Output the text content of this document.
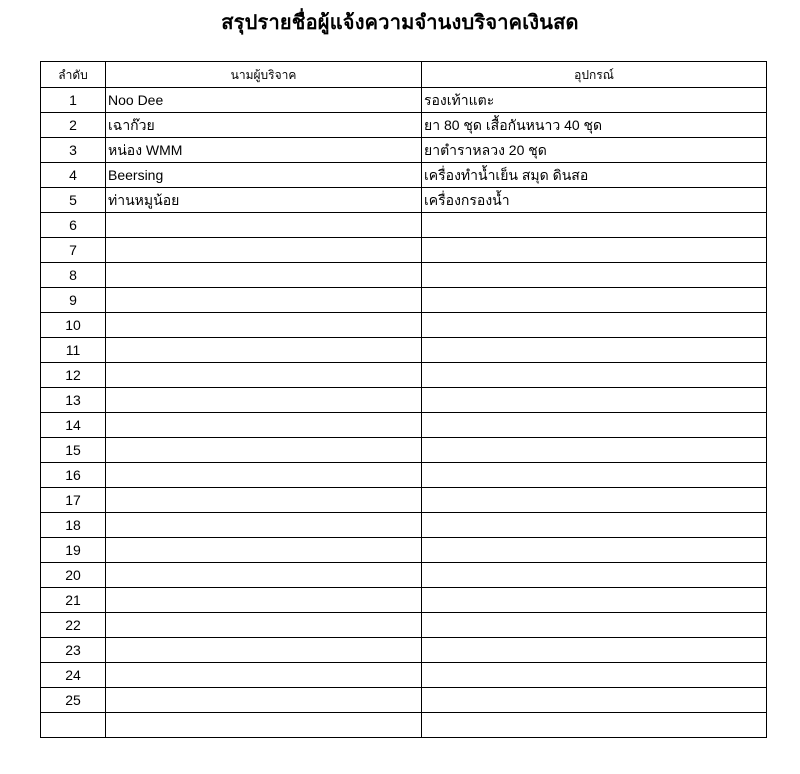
สรุปรายชื่อผู้แจ้งความจำนงบริจาคเงินสด
ลำดับ	นามผู้บริจาค	อุปกรณ์
1	Noo Dee	รองเท้าแตะ
2	เฉาก๊วย	ยา 80 ชุด เสื้อกันหนาว 40 ชุด
3	หน่อง WMM	ยาตำราหลวง 20 ชุด
4	Beersing	เครื่องทำน้ำเย็น สมุด ดินสอ
5	ท่านหมูน้อย	เครื่องกรองน้ำ
6		
7		
8		
9		
10		
11		
12		
13		
14		
15		
16		
17		
18		
19		
20		
21		
22		
23		
24		
25		
